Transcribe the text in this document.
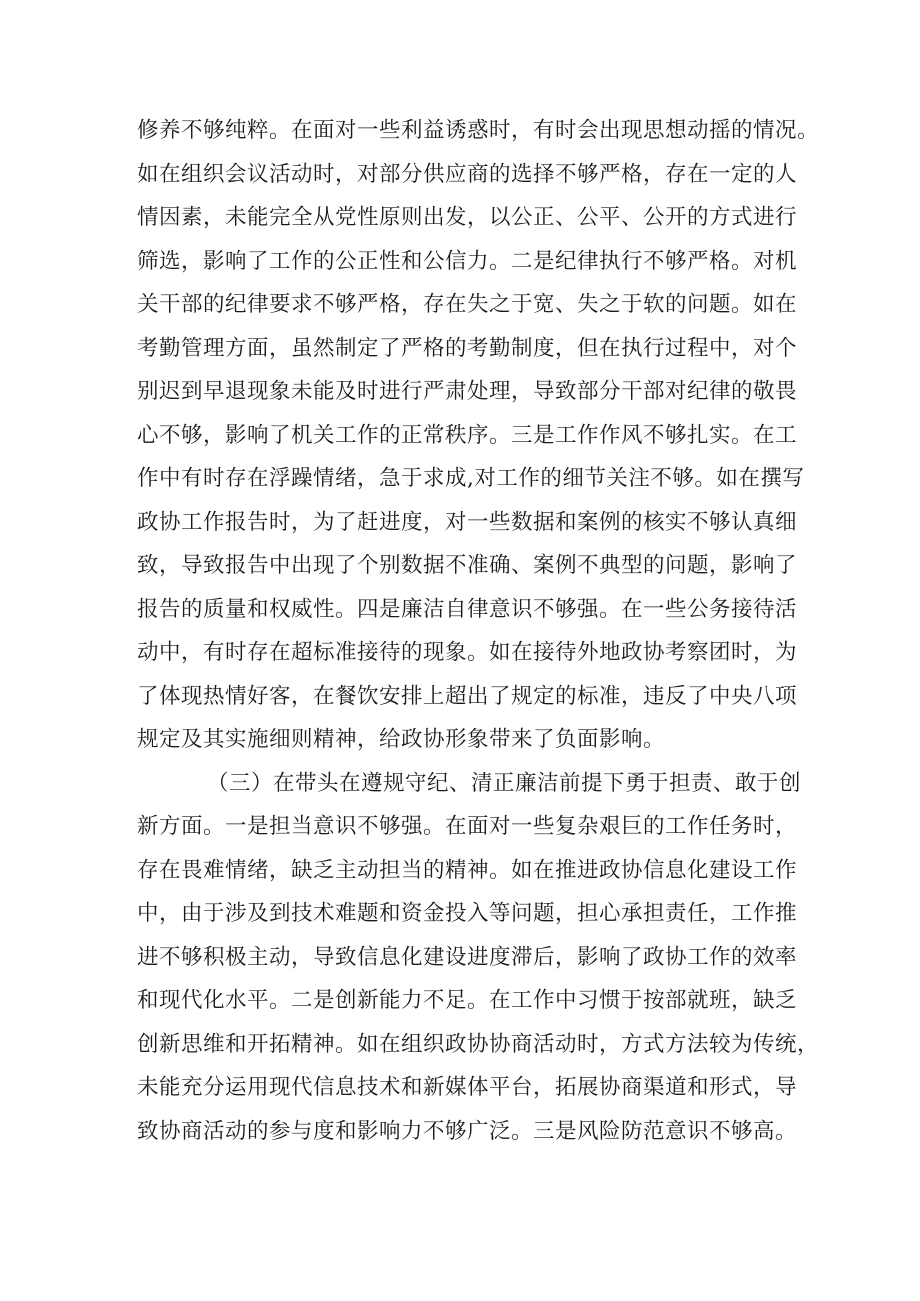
修养不够纯粹。在面对一些利益诱惑时，有时会出现思想动摇的情况。
如在组织会议活动时，对部分供应商的选择不够严格，存在一定的人
情因素，未能完全从党性原则出发，以公正、公平、公开的方式进行
筛选，影响了工作的公正性和公信力。二是纪律执行不够严格。对机
关干部的纪律要求不够严格，存在失之于宽、失之于软的问题。如在
考勤管理方面，虽然制定了严格的考勤制度，但在执行过程中，对个
别迟到早退现象未能及时进行严肃处理，导致部分干部对纪律的敬畏
心不够，影响了机关工作的正常秩序。三是工作作风不够扎实。在工
作中有时存在浮躁情绪，急于求成,对工作的细节关注不够。如在撰写
政协工作报告时，为了赶进度，对一些数据和案例的核实不够认真细
致，导致报告中出现了个别数据不准确、案例不典型的问题，影响了
报告的质量和权威性。四是廉洁自律意识不够强。在一些公务接待活
动中，有时存在超标准接待的现象。如在接待外地政协考察团时，为
了体现热情好客，在餐饮安排上超出了规定的标准，违反了中央八项
规定及其实施细则精神，给政协形象带来了负面影响。
（三）在带头在遵规守纪、清正廉洁前提下勇于担责、敢于创
新方面。一是担当意识不够强。在面对一些复杂艰巨的工作任务时，
存在畏难情绪，缺乏主动担当的精神。如在推进政协信息化建设工作
中，由于涉及到技术难题和资金投入等问题，担心承担责任，工作推
进不够积极主动，导致信息化建设进度滞后，影响了政协工作的效率
和现代化水平。二是创新能力不足。在工作中习惯于按部就班，缺乏
创新思维和开拓精神。如在组织政协协商活动时，方式方法较为传统，
未能充分运用现代信息技术和新媒体平台，拓展协商渠道和形式，导
致协商活动的参与度和影响力不够广泛。三是风险防范意识不够高。
